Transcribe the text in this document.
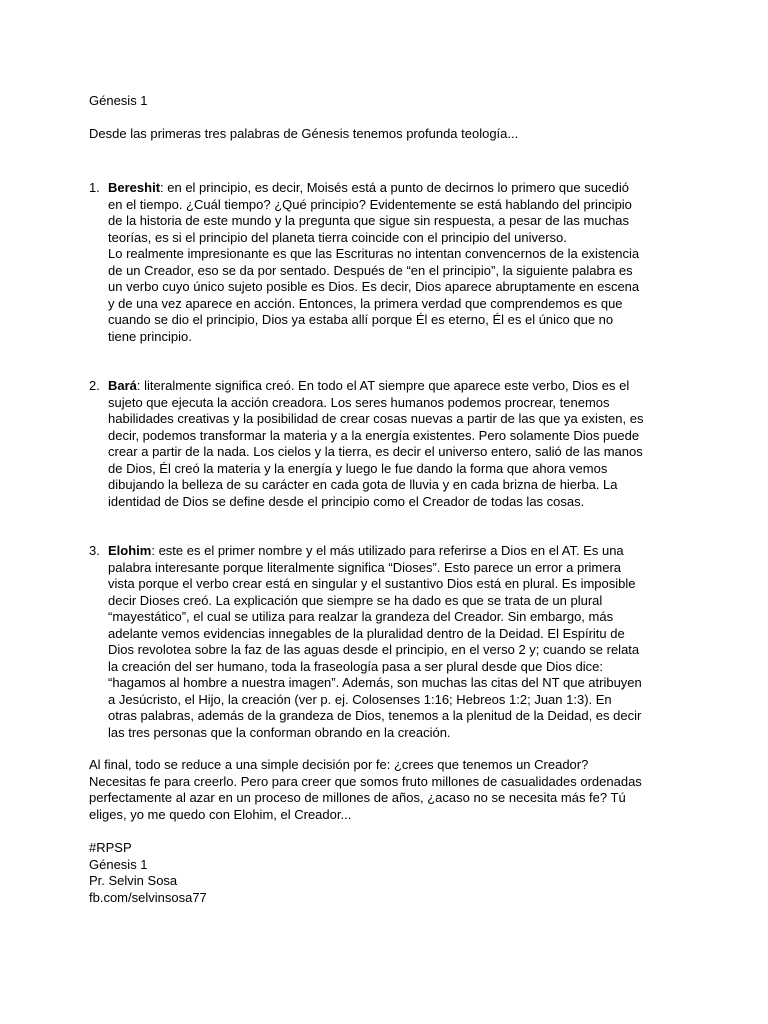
Génesis 1

Desde las primeras tres palabras de Génesis tenemos profunda teología...

1. Bereshit: en el principio, es decir, Moisés está a punto de decirnos lo primero que sucedió
en el tiempo. ¿Cuál tiempo? ¿Qué principio? Evidentemente se está hablando del principio
de la historia de este mundo y la pregunta que sigue sin respuesta, a pesar de las muchas
teorías, es si el principio del planeta tierra coincide con el principio del universo.
Lo realmente impresionante es que las Escrituras no intentan convencernos de la existencia
de un Creador, eso se da por sentado. Después de “en el principio”, la siguiente palabra es
un verbo cuyo único sujeto posible es Dios. Es decir, Dios aparece abruptamente en escena
y de una vez aparece en acción. Entonces, la primera verdad que comprendemos es que
cuando se dio el principio, Dios ya estaba allí porque Él es eterno, Él es el único que no
tiene principio.
2. Bará: literalmente significa creó. En todo el AT siempre que aparece este verbo, Dios es el
sujeto que ejecuta la acción creadora. Los seres humanos podemos procrear, tenemos
habilidades creativas y la posibilidad de crear cosas nuevas a partir de las que ya existen, es
decir, podemos transformar la materia y a la energía existentes. Pero solamente Dios puede
crear a partir de la nada. Los cielos y la tierra, es decir el universo entero, salió de las manos
de Dios, Él creó la materia y la energía y luego le fue dando la forma que ahora vemos
dibujando la belleza de su carácter en cada gota de lluvia y en cada brizna de hierba. La
identidad de Dios se define desde el principio como el Creador de todas las cosas.
3. Elohim: este es el primer nombre y el más utilizado para referirse a Dios en el AT. Es una
palabra interesante porque literalmente significa “Dioses”. Esto parece un error a primera
vista porque el verbo crear está en singular y el sustantivo Dios está en plural. Es imposible
decir Dioses creó. La explicación que siempre se ha dado es que se trata de un plural
“mayestático”, el cual se utiliza para realzar la grandeza del Creador. Sin embargo, más
adelante vemos evidencias innegables de la pluralidad dentro de la Deidad. El Espíritu de
Dios revolotea sobre la faz de las aguas desde el principio, en el verso 2 y; cuando se relata
la creación del ser humano, toda la fraseología pasa a ser plural desde que Dios dice:
“hagamos al hombre a nuestra imagen”. Además, son muchas las citas del NT que atribuyen
a Jesúcristo, el Hijo, la creación (ver p. ej. Colosenses 1:16; Hebreos 1:2; Juan 1:3). En
otras palabras, además de la grandeza de Dios, tenemos a la plenitud de la Deidad, es decir
las tres personas que la conforman obrando en la creación.
Al final, todo se reduce a una simple decisión por fe: ¿crees que tenemos un Creador?
Necesitas fe para creerlo. Pero para creer que somos fruto millones de casualidades ordenadas
perfectamente al azar en un proceso de millones de años, ¿acaso no se necesita más fe? Tú
eliges, yo me quedo con Elohim, el Creador...
#RPSP
Génesis 1
Pr. Selvin Sosa
fb.com/selvinsosa77
